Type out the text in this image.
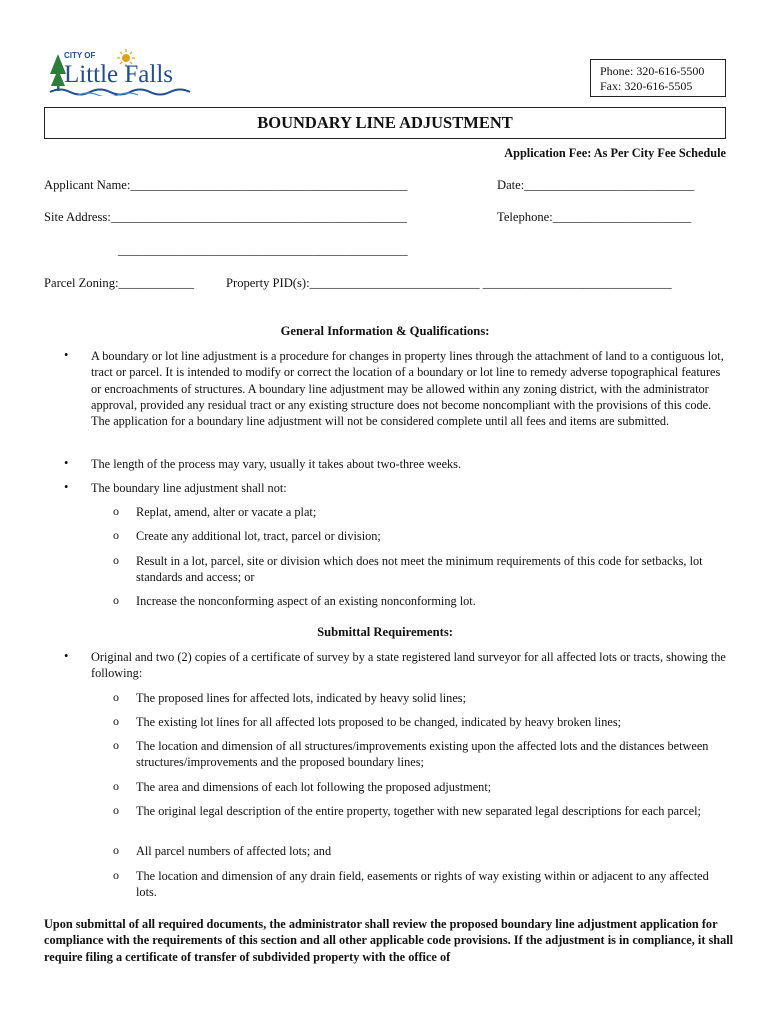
CITY OF
Little Falls	Phone: 320-616-5500
Fax: 320-616-5505
BOUNDARY LINE ADJUSTMENT
Application Fee: As Per City Fee Schedule
Applicant Name:____________________________________________	Date:___________________________
Site Address:_______________________________________________	Telephone:______________________
______________________________________________
Parcel Zoning:____________	Property PID(s):___________________________ ______________________________
General Information & Qualifications:
• A boundary or lot line adjustment is a procedure for changes in property lines through the attachment of land to a contiguous lot, tract or parcel. It is intended to modify or correct the location of a boundary or lot line to remedy adverse topographical features or encroachments of structures. A boundary line adjustment may be allowed within any zoning district, with the administrator approval, provided any residual tract or any existing structure does not become noncompliant with the provisions of this code. The application for a boundary line adjustment will not be considered complete until all fees and items are submitted.
• The length of the process may vary, usually it takes about two-three weeks.
• The boundary line adjustment shall not:
o Replat, amend, alter or vacate a plat;
o Create any additional lot, tract, parcel or division;
o Result in a lot, parcel, site or division which does not meet the minimum requirements of this code for setbacks, lot standards and access; or
o Increase the nonconforming aspect of an existing nonconforming lot.
Submittal Requirements:
• Original and two (2) copies of a certificate of survey by a state registered land surveyor for all affected lots or tracts, showing the following:
o The proposed lines for affected lots, indicated by heavy solid lines;
o The existing lot lines for all affected lots proposed to be changed, indicated by heavy broken lines;
o The location and dimension of all structures/improvements existing upon the affected lots and the distances between structures/improvements and the proposed boundary lines;
o The area and dimensions of each lot following the proposed adjustment;
o The original legal description of the entire property, together with new separated legal descriptions for each parcel;
o All parcel numbers of affected lots; and
o The location and dimension of any drain field, easements or rights of way existing within or adjacent to any affected lots.
Upon submittal of all required documents, the administrator shall review the proposed boundary line adjustment application for compliance with the requirements of this section and all other applicable code provisions. If the adjustment is in compliance, it shall require filing a certificate of transfer of subdivided property with the office of
